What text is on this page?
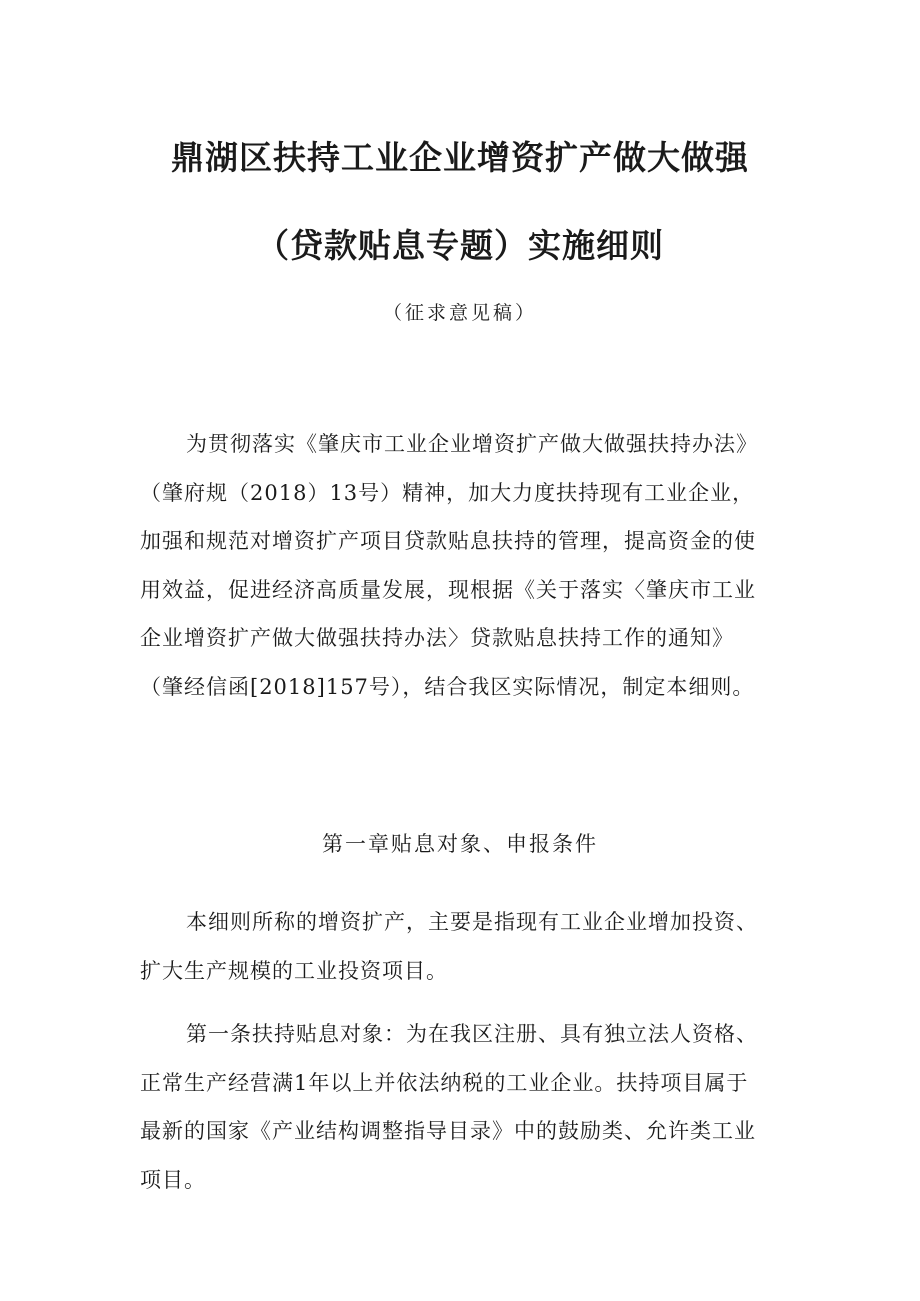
鼎湖区扶持工业企业增资扩产做大做强
（贷款贴息专题）实施细则
（征求意见稿）

为贯彻落实《肇庆市工业企业增资扩产做大做强扶持办法》
（肇府规（2018）13号）精神，加大力度扶持现有工业企业，
加强和规范对增资扩产项目贷款贴息扶持的管理，提高资金的使
用效益，促进经济高质量发展，现根据《关于落实〈肇庆市工业
企业增资扩产做大做强扶持办法〉贷款贴息扶持工作的通知》
（肇经信函[2018]157号），结合我区实际情况，制定本细则。

第一章贴息对象、申报条件

本细则所称的增资扩产，主要是指现有工业企业增加投资、
扩大生产规模的工业投资项目。

第一条扶持贴息对象：为在我区注册、具有独立法人资格、
正常生产经营满1年以上并依法纳税的工业企业。扶持项目属于
最新的国家《产业结构调整指导目录》中的鼓励类、允许类工业
项目。
